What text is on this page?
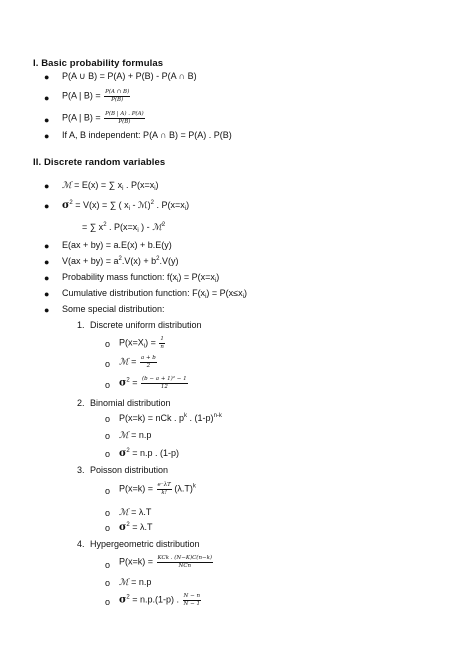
I. Basic probability formulas
● P(A ∪ B) = P(A) + P(B) - P(A ∩ B)
● P(A | $B) = \frac{P(A \cap B)}{P(B)}$
● P(A | $B) = \frac{P(B | A) . P(A)}{P(B)}$
● If A, B independent: P(A ∩ B) = P(A) . P(B)
II. Discrete random variables
● ℳ = E(x) = ∑ $x_i$ . $P(x=x_i)$
● $\sigma^2 = V(x)$ = ∑ ( $x_i$ - ℳ)$^2$ . $P(x=x_i)$
= ∑ $x^2$ . $P(x=x_i$ ) - ℳ$^2$
● E(ax + by) = a.E(x) + b.E(y)
● $V(ax + by) = a^2.V(x) + b^2.V(y)$
● Probability mass function: $f(x_i) = P(x=x_i)$
● Cumulative distribution function: $F(x_i) = P(x\le x_i)$
● Some special distribution:
1. Discrete uniform distribution
o $P(x=X_i) = \frac{1}{n}$
o ℳ = $\frac{a + b}{2}$
o $\sigma^2 = \frac{\text{(b − a + 1)² − 1}}{12}$
2. Binomial distribution
o P(x=k) = nCk . $p^k$ . $(1-p)^{n-k}$
o ℳ = n.p
o $\sigma^2 = n.p$ . (1-p)
3. Poisson distribution
o $P(x=k) = \frac{e^-\lambda T}{k!} (\lambda.T)^k$
o ℳ = λ.T
o $\sigma^2 = \lambda.T$
4. Hypergeometric distribution
o $P(x=k) = \frac{\text{KCk . (N−K)C(n−k)}}{\text{NCn}}$
o ℳ = n.p
o $\sigma^2 = n.p.(1-p)$ . $\frac{N - n}{N - 1}$
